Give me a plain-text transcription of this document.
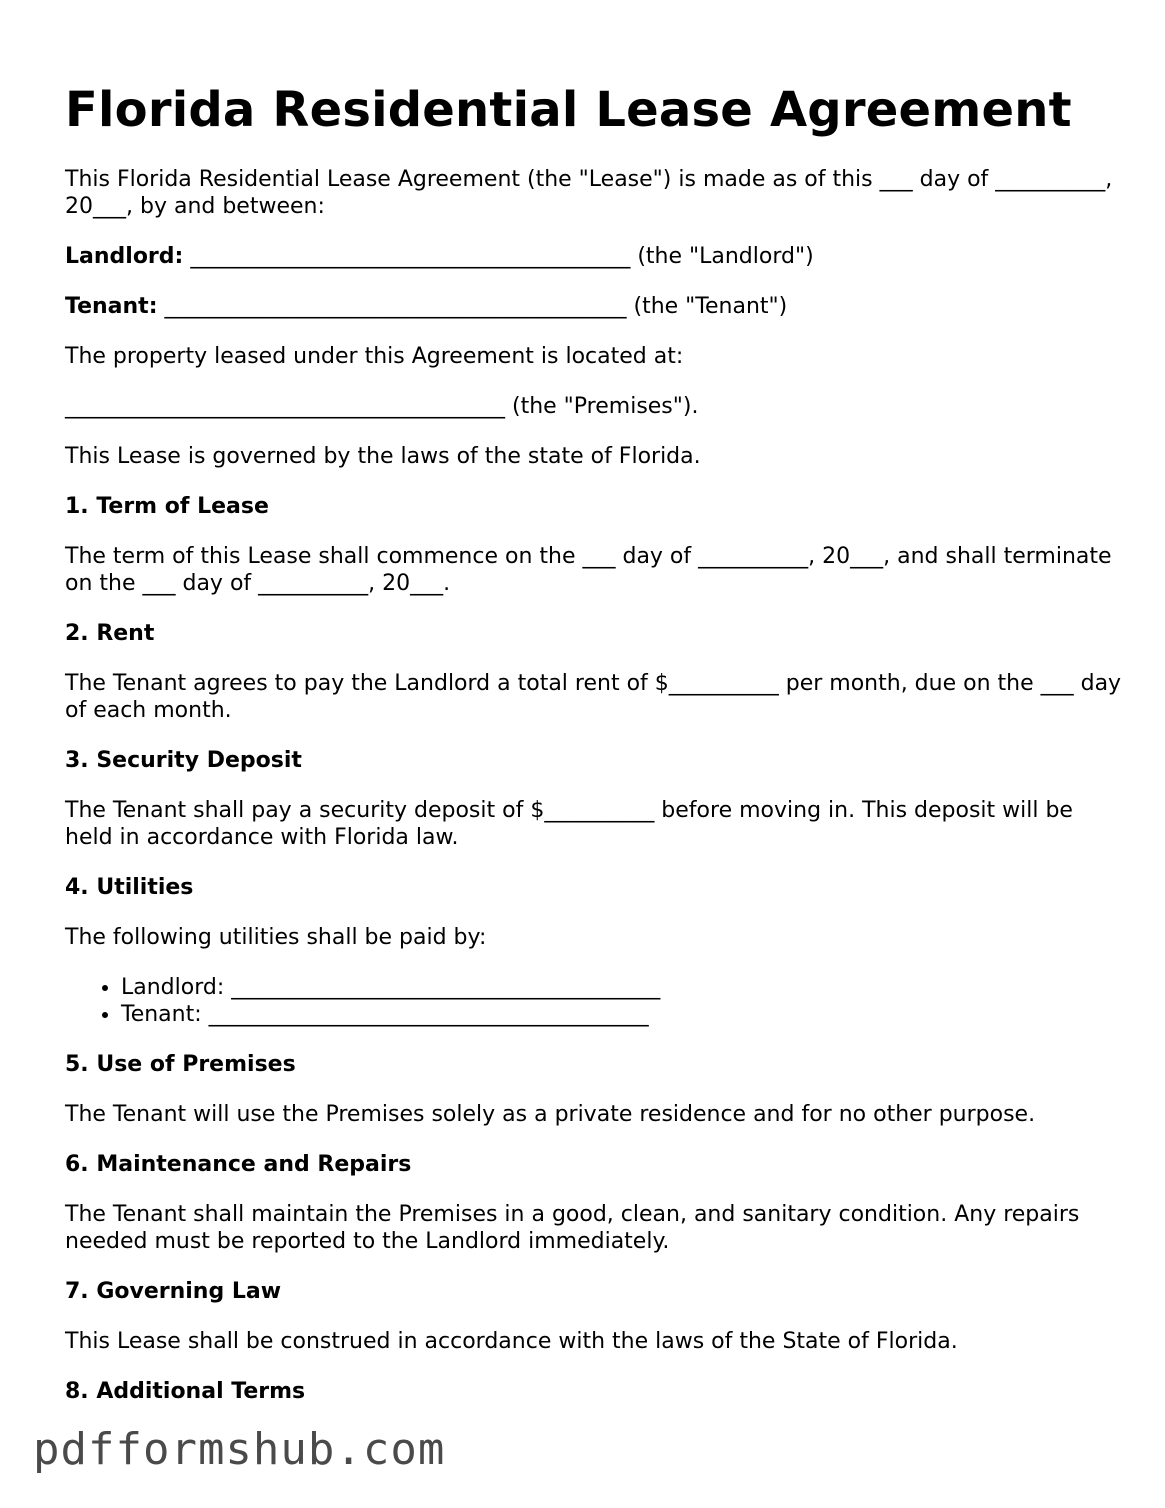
Florida Residential Lease Agreement

This Florida Residential Lease Agreement (the "Lease") is made as of this ___ day of __________, 20___, by and between:

Landlord: ________________________________________ (the "Landlord")

Tenant: __________________________________________ (the "Tenant")

The property leased under this Agreement is located at:

________________________________________ (the "Premises").

This Lease is governed by the laws of the state of Florida.

1. Term of Lease

The term of this Lease shall commence on the ___ day of __________, 20___, and shall terminate on the ___ day of __________, 20___.

2. Rent

The Tenant agrees to pay the Landlord a total rent of $__________ per month, due on the ___ day of each month.

3. Security Deposit

The Tenant shall pay a security deposit of $__________ before moving in. This deposit will be held in accordance with Florida law.

4. Utilities

The following utilities shall be paid by:

• Landlord: _______________________________________
• Tenant: ________________________________________
5. Use of Premises

The Tenant will use the Premises solely as a private residence and for no other purpose.

6. Maintenance and Repairs

The Tenant shall maintain the Premises in a good, clean, and sanitary condition. Any repairs needed must be reported to the Landlord immediately.

7. Governing Law

This Lease shall be construed in accordance with the laws of the State of Florida.

8. Additional Terms
pdfformshub.com
